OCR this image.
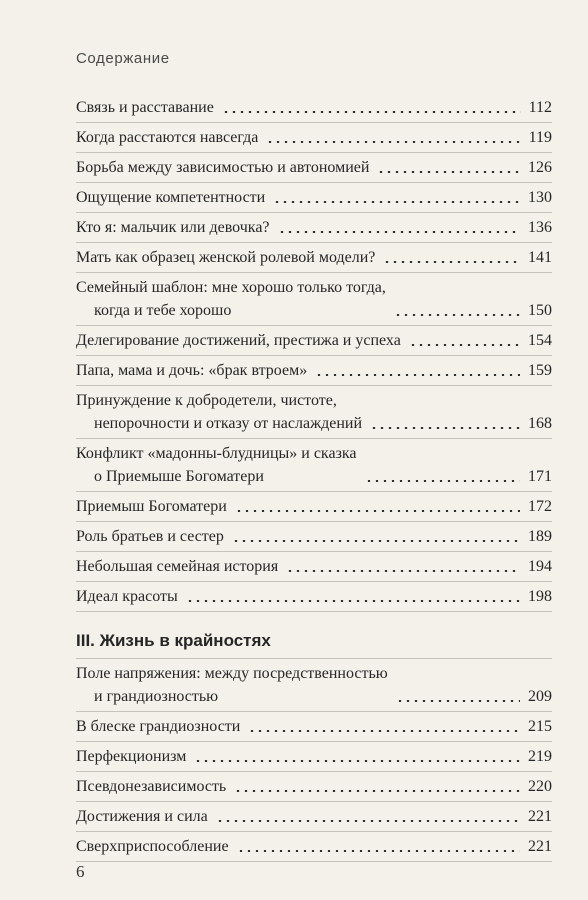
Содержание
Связь и расставание	112
Когда расстаются навсегда	119
Борьба между зависимостью и автономией	126
Ощущение компетентности	130
Кто я: мальчик или девочка?	136
Мать как образец женской ролевой модели?	141
Семейный шаблон: мне хорошо только тогда,
когда и тебе хорошо	150
Делегирование достижений, престижа и успеха	154
Папа, мама и дочь: «брак втроем»	159
Принуждение к добродетели, чистоте,
непорочности и отказу от наслаждений	168
Конфликт «мадонны-блудницы» и сказка
о Приемыше Богоматери	171
Приемыш Богоматери	172
Роль братьев и сестер	189
Небольшая семейная история	194
Идеал красоты	198
III. Жизнь в крайностях
Поле напряжения: между посредственностью
и грандиозностью	209
В блеске грандиозности	215
Перфекционизм	219
Псевдонезависимость	220
Достижения и сила	221
Сверхприспособление	221
6
